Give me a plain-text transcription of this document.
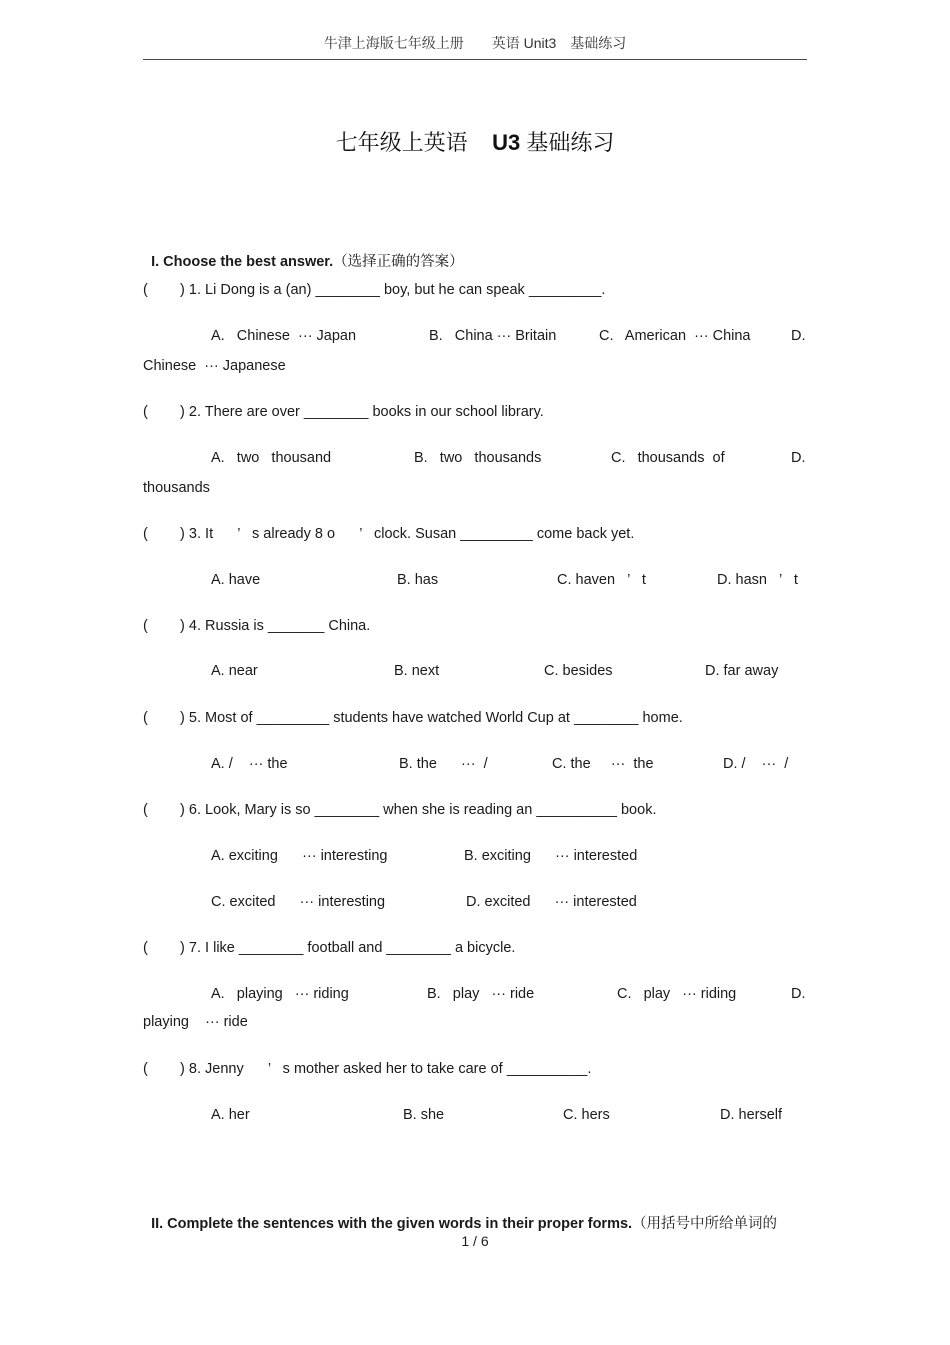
牛津上海版七年级上册　　英语 Unit3　基础练习
七年级上英语 U3 基础练习

I. Choose the best answer.（选择正确的答案）

(        ) 1. Li Dong is a (an) ________ boy, but he can speak _________.
A.   Chinese  ··· Japan	B.   China ··· Britain	C.   American  ··· China	D.
Chinese  ··· Japanese
(        ) 2. There are over ________ books in our school library.
A.   two   thousand	B.   two   thousands	C.   thousands  of	D.
thousands
(        ) 3. It      ’   s already 8 o      ’   clock. Susan _________ come back yet.
A. have	B. has	C. haven   ’   t	D. hasn   ’   t
(        ) 4. Russia is _______ China.
A. near	B. next	C. besides	D. far away
(        ) 5. Most of _________ students have watched World Cup at ________ home.
A. /    ··· the	B. the      ···  /	C. the     ···  the	D. /    ···  /
(        ) 6. Look, Mary is so ________ when she is reading an __________ book.
A. exciting      ··· interesting	B. exciting      ··· interested
C. excited      ··· interesting	D. excited      ··· interested
(        ) 7. I like ________ football and ________ a bicycle.
A.   playing   ··· riding	B.   play   ··· ride	C.   play   ··· riding	D.
playing    ··· ride
(        ) 8. Jenny      ’   s mother asked her to take care of __________.
A. her	B. she	C. hers	D. herself

II. Complete the sentences with the given words in their proper forms.（用括号中所给单词的

1 / 6
